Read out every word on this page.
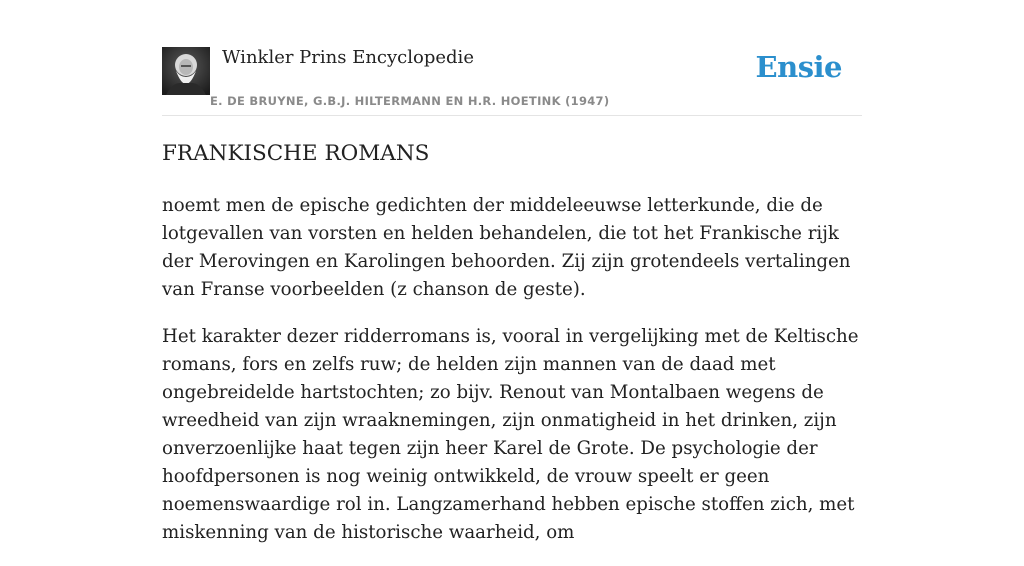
Winkler Prins Encyclopedie
E. DE BRUYNE, G.B.J. HILTERMANN EN H.R. HOETINK (1947)
Ensie
FRANKISCHE ROMANS

noemt men de epische gedichten der middeleeuwse letterkunde, die de lotgevallen van vorsten en helden behandelen, die tot het Frankische rijk der Merovingen en Karolingen behoorden. Zij zijn grotendeels vertalingen van Franse voorbeelden (z chanson de geste).

Het karakter dezer ridderromans is, vooral in vergelijking met de Keltische romans, fors en zelfs ruw; de helden zijn mannen van de daad met ongebreidelde hartstochten; zo bijv. Renout van Montalbaen wegens de wreedheid van zijn wraaknemingen, zijn onmatigheid in het drinken, zijn onverzoenlijke haat tegen zijn heer Karel de Grote. De psychologie der hoofdpersonen is nog weinig ontwikkeld, de vrouw speelt er geen noemenswaardige rol in. Langzamerhand hebben epische stoffen zich, met miskenning van de historische waarheid, om
